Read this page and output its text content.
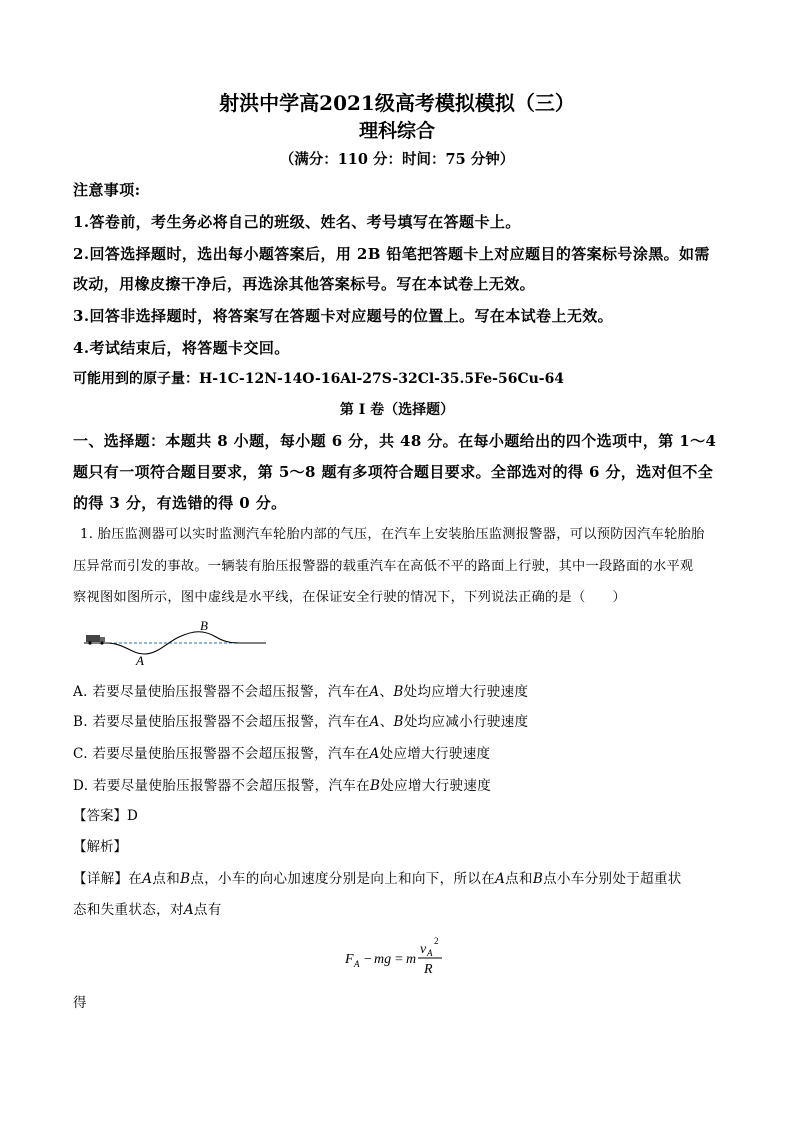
射洪中学高2021级高考模拟模拟（三）
理科综合
（满分：110 分：时间：75 分钟）
注意事项:
1.答卷前，考生务必将自己的班级、姓名、考号填写在答题卡上。
2.回答选择题时，选出每小题答案后，用 2B 铅笔把答题卡上对应题目的答案标号涂黑。如需
改动，用橡皮擦干净后，再选涂其他答案标号。写在本试卷上无效。
3.回答非选择题时，将答案写在答题卡对应题号的位置上。写在本试卷上无效。
4.考试结束后，将答题卡交回。
可能用到的原子量：H-1C-12N-14O-16Al-27S-32Cl-35.5Fe-56Cu-64
第 I 卷（选择题）
一、选择题：本题共 8 小题，每小题 6 分，共 48 分。在每小题给出的四个选项中，第 1～4
题只有一项符合题目要求，第 5～8 题有多项符合题目要求。全部选对的得 6 分，选对但不全
的得 3 分，有选错的得 0 分。
1. 胎压监测器可以实时监测汽车轮胎内部的气压，在汽车上安装胎压监测报警器，可以预防因汽车轮胎胎
压异常而引发的事故。一辆装有胎压报警器的载重汽车在高低不平的路面上行驶，其中一段路面的水平观
察视图如图所示，图中虚线是水平线，在保证安全行驶的情况下，下列说法正确的是（　　）
B
A
A. 若要尽量使胎压报警器不会超压报警，汽车在A、B处均应增大行驶速度
B. 若要尽量使胎压报警器不会超压报警，汽车在A、B处均应减小行驶速度
C. 若要尽量使胎压报警器不会超压报警，汽车在A处应增大行驶速度
D. 若要尽量使胎压报警器不会超压报警，汽车在B处应增大行驶速度
【答案】D
【解析】
【详解】在A点和B点，小车的向心加速度分别是向上和向下，所以在A点和B点小车分别处于超重状
态和失重状态，对A点有
F A − mg = m
v A
2
R
得
